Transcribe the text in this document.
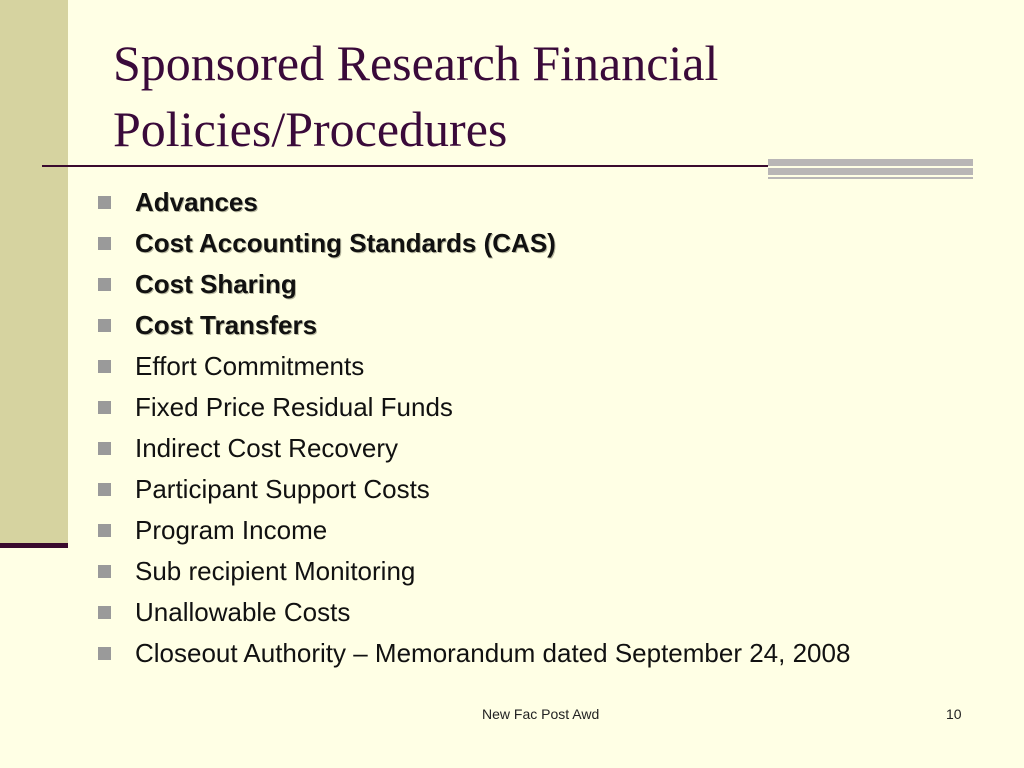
Sponsored Research Financial
Policies/Procedures
Advances
Cost Accounting Standards (CAS)
Cost Sharing
Cost Transfers
Effort Commitments
Fixed Price Residual Funds
Indirect Cost Recovery
Participant Support Costs
Program Income
Sub recipient Monitoring
Unallowable Costs
Closeout Authority – Memorandum dated September 24, 2008
New Fac Post Awd	10
